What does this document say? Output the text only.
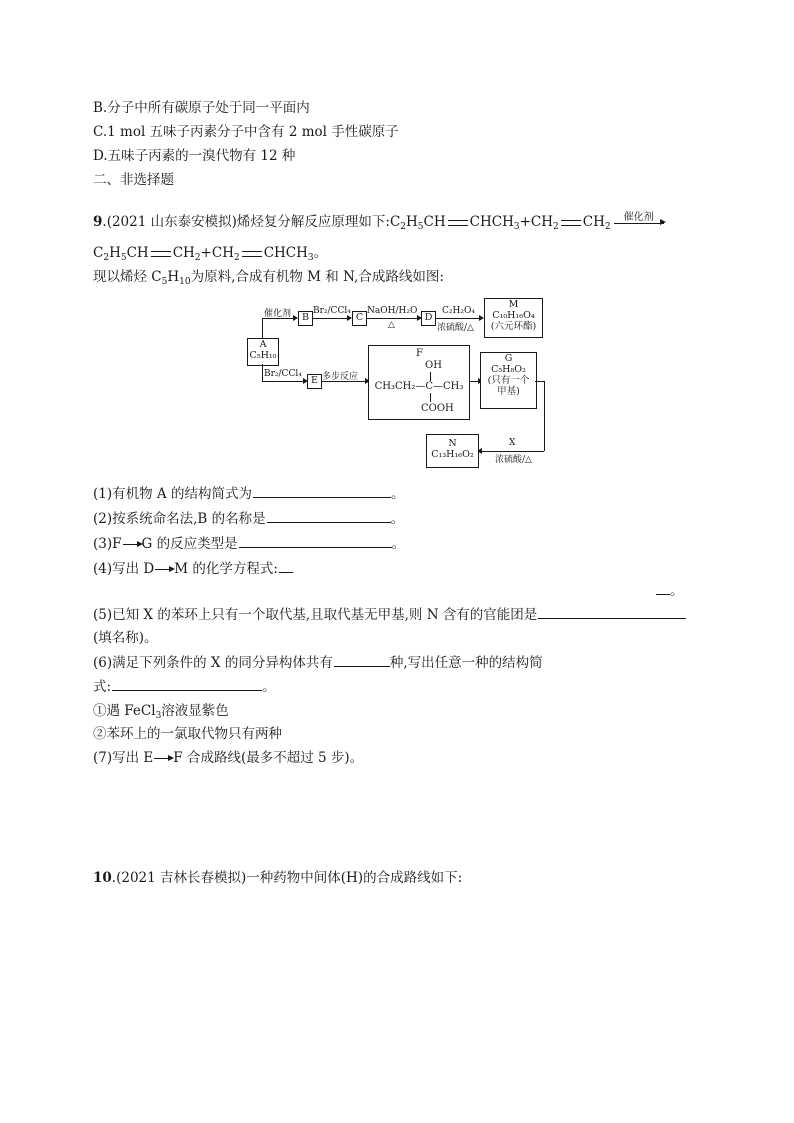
B.分子中所有碳原子处于同一平面内
C.1 mol 五味子丙素分子中含有 2 mol 手性碳原子
D.五味子丙素的一溴代物有 12 种
二、非选择题
9.(2021 山东泰安模拟)烯烃复分解反应原理如下$:C_2H_5CH$ $CHCH_3+CH_2$ $CH_2$
催化剂
$C_2H_5CH$ $CH_2+CH_2$ $CHCH_3$。
现以烯烃 $C_5H_{10}$为原料,合成有机物 M 和 N,合成路线如图:
A
C₅H₁₀
催化剂	B
Br₂/CCl₄
C
NaOH/H₂O
△
D
C₂H₂O₄
浓硫酸/△
M
C₁₀H₁₆O₄
(六元环酯)
Br₂/CCl₄
E 多步反应
F
OH
CH₃CH₂—C—CH₃
COOH
G
C₅H₈O₂
(只有一个
甲基)
X
浓硫酸/△
N
C₁₃H₁₆O₂
(1)有机物 A 的结构简式为	。
(2)按系统命名法,B 的名称是	。
(3)F→G 的反应类型是	。
(4)写出 D→M 的化学方程式:
。
(5)已知 X 的苯环上只有一个取代基,且取代基无甲基,则 N 含有的官能团是
(填名称)。
(6)满足下列条件的 X 的同分异构体共有	种,写出任意一种的结构简
式:	。
①遇 FeCl$_3$溶液显紫色
②苯环上的一氯取代物只有两种
(7)写出 E→F 合成路线(最多不超过 5 步)。
10.(2021 吉林长春模拟)一种药物中间体(H)的合成路线如下:
